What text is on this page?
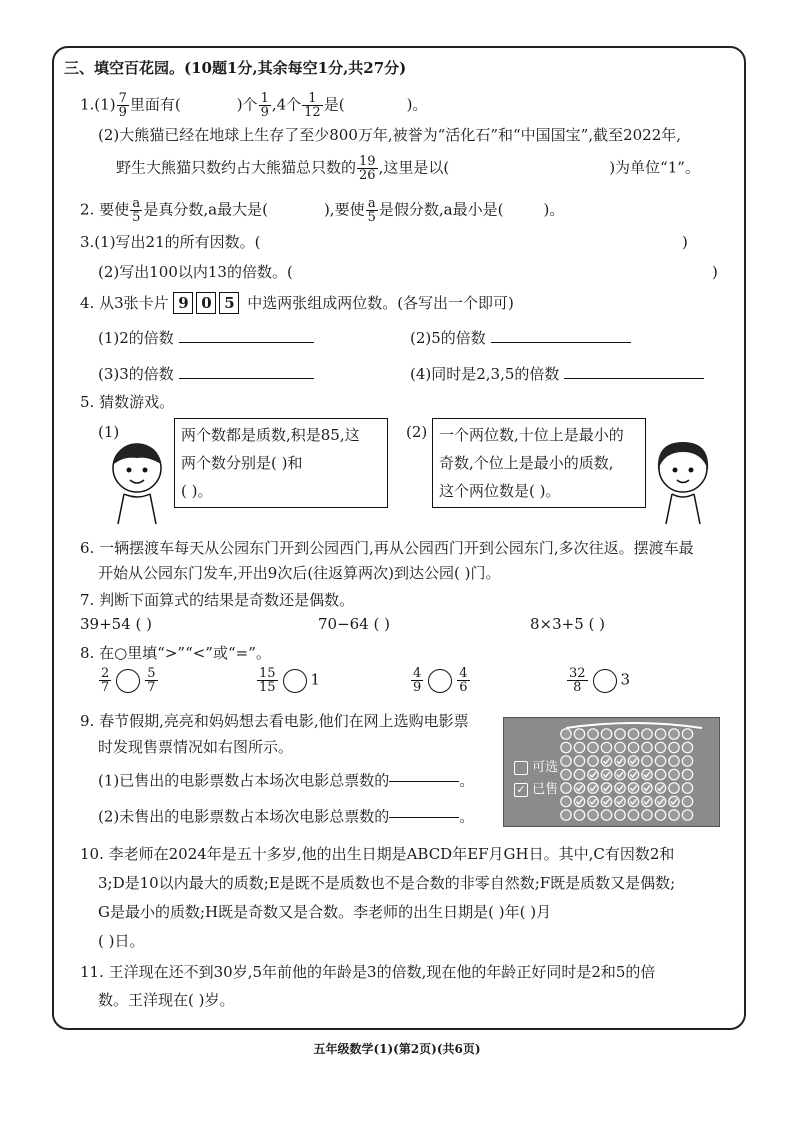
三、填空百花园。(10题1分,其余每空1分,共27分)
$1.(1) \frac{7}{9}$ 里面有(	)个 $\frac{1}{9} ,4$个 $\frac{1}{12}$ 是(	)。
(2)大熊猫已经在地球上生存了至少800万年,被誉为“活化石”和“中国国宝”,截至2022年,
野生大熊猫只数约占大熊猫总只数的 $\frac{19}{26}$ ,这里是以(	)为单位“1”。
2. 要使 $\frac{a}{5}$ 是真分数,a最大是(	),要使 $\frac{a}{5}$ 是假分数,a最小是(	)。
3.(1)写出21的所有因数。(	)
(2)写出100以内13的倍数。(	)
4. 从3张卡片 9 0 5 中选两张组成两位数。(各写出一个即可)
(1)2的倍数	(2)5的倍数
(3)3的倍数	(4)同时是2,3,5的倍数
5. 猜数游戏。
(1)	(2)
两个数都是质数,积是85,这
两个数分别是( )和
( )。
一个两位数,十位上是最小的
奇数,个位上是最小的质数,
这个两位数是( )。
6. 一辆摆渡车每天从公园东门开到公园西门,再从公园西门开到公园东门,多次往返。摆渡车最
开始从公园东门发车,开出9次后(往返算两次)到达公园( )门。
7. 判断下面算式的结果是奇数还是偶数。
39+54 ( )	70−64 ( )	8×3+5 ( )
8. 在○里填“>”“<”或“=”。
$\frac{2}{7}$	$\frac{5}{7}$	$\frac{15}{15} 1$	$\frac{4}{9}$	$\frac{4}{6}$	$\frac{32}{8} 3$
9. 春节假期,亮亮和妈妈想去看电影,他们在网上选购电影票
时发现售票情况如右图所示。
(1)已售出的电影票数占本场次电影总票数的	。
(2)未售出的电影票数占本场次电影总票数的	。
可选
✓ 已售
10. 李老师在2024年是五十多岁,他的出生日期是ABCD年EF月GH日。其中,C有因数2和
3;D是10以内最大的质数;E是既不是质数也不是合数的非零自然数;F既是质数又是偶数;
G是最小的质数;H既是奇数又是合数。李老师的出生日期是( )年( )月
( )日。
11. 王洋现在还不到30岁,5年前他的年龄是3的倍数,现在他的年龄正好同时是2和5的倍
数。王洋现在( )岁。
五年级数学(1)(第2页)(共6页)
